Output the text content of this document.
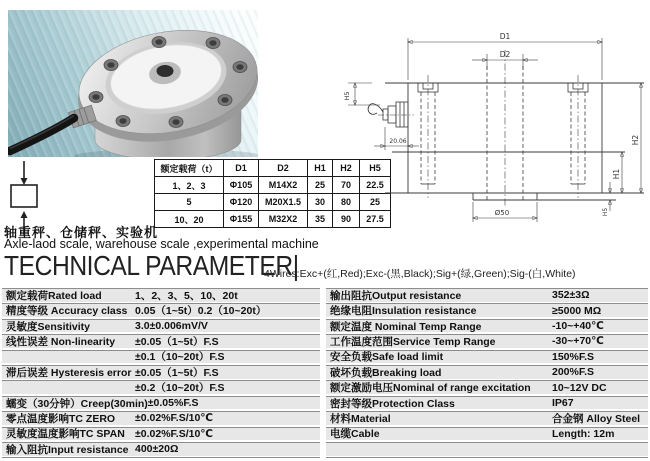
额定载荷（t）	D1	D2	H1	H2	H5
1、2、3	Φ105	M14X2	25	70	22.5
5	Φ120	M20X1.5	30	80	25
10、20	Φ155	M32X2	35	90	27.5
轴重秤、仓储秤、实验机
Axle-laod scale, warehouse scale ,experimental machine
TECHNICAL PARAMETER|
4Wires:Exc+(红,Red);Exc-(黑,Black);Sig+(绿,Green);Sig-(白,White)
D1
D2
H2
H1
H5
H5
20.06
Ø50
额定载荷Rated load	1、2、3、5、10、20t
精度等级 Accuracy class 0.05（1~5t）0.2（10~20t）
灵敏度Sensitivity	3.0±0.006mV/V
线性误差 Non-linearity	±0.05（1~5t）F.S
±0.1（10~20t）F.S
滞后误差 Hysteresis error ±0.05（1~5t）F.S
±0.2（10~20t）F.S
蠕变（30分钟）Creep(30min) ±0.05%F.S
零点温度影响TC ZERO	±0.02%F.S/10℃
灵敏度温度影响TC SPAN ±0.02%F.S/10℃
输入阻抗Input resistance 400±20Ω
输出阻抗Output resistance	352±3Ω
绝缘电阻Insulation resistance	≥5000 MΩ
额定温度 Nominal Temp Range	-10~+40℃
工作温度范围Service Temp Range	-30~+70℃
安全负载Safe load limit	150%F.S
破坏负载Breaking load	200%F.S
额定激励电压Nominal of range excitation	10~12V DC
密封等级Protection Class	IP67
材料Material	合金钢 Alloy Steel
电缆Cable	Length: 12m
